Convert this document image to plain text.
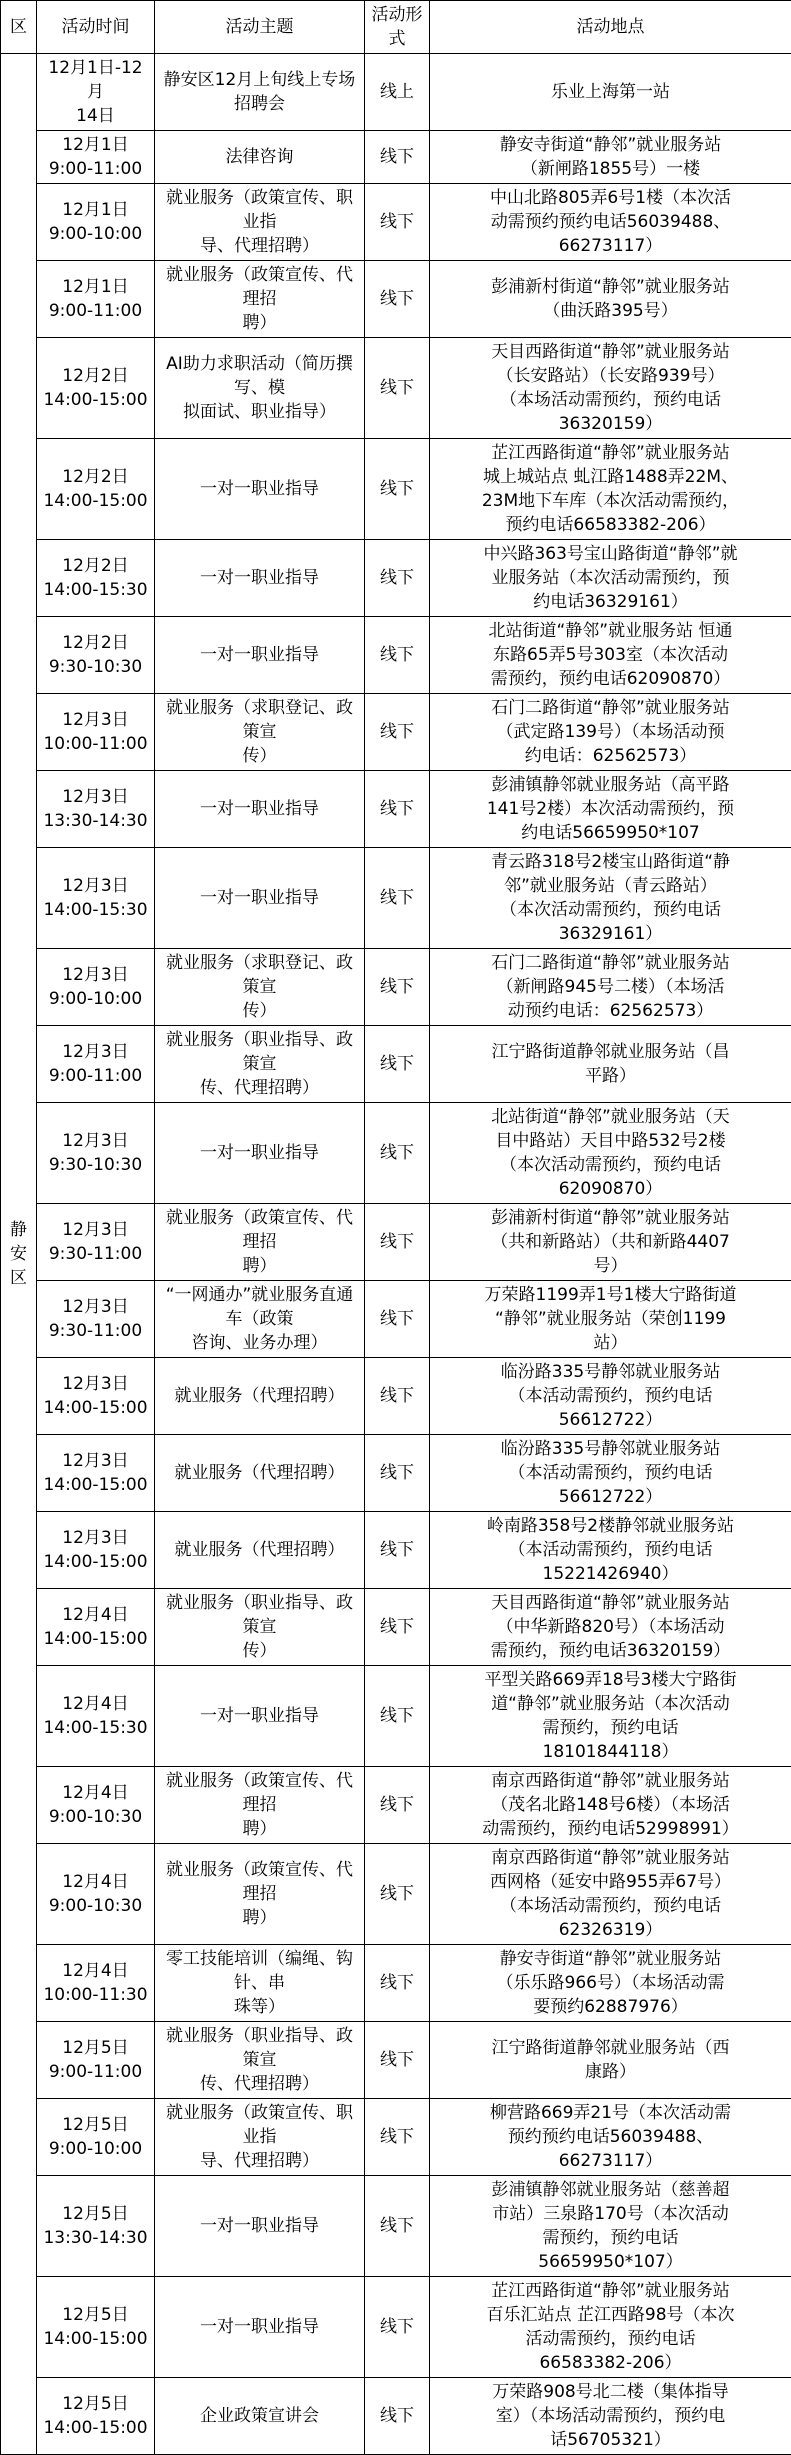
区	活动时间	活动主题	活动形式	活动地点
静安区	12月1日-12月
14日	静安区12月上旬线上专场招聘会	线上	乐业上海第一站
	12月1日
9:00-11:00	法律咨询	线下	静安寺街道“静邻”就业服务站
（新闸路1855号）一楼
	12月1日
9:00-10:00	就业服务（政策宣传、职业指
导、代理招聘）	线下	中山北路805弄6号1楼（本次活
动需预约预约电话56039488、
66273117）
	12月1日
9:00-11:00	就业服务（政策宣传、代理招
聘）	线下	彭浦新村街道“静邻”就业服务站
（曲沃路395号）
	12月2日
14:00-15:00	AI助力求职活动（简历撰写、模
拟面试、职业指导）	线下	天目西路街道“静邻”就业服务站
（长安路站）（长安路939号）
（本场活动需预约，预约电话
36320159）
	12月2日
14:00-15:00	一对一职业指导	线下	芷江西路街道“静邻”就业服务站
城上城站点 虬江路1488弄22M、
23M地下车库（本次活动需预约，
预约电话66583382-206）
	12月2日
14:00-15:30	一对一职业指导	线下	中兴路363号宝山路街道“静邻”就
业服务站（本次活动需预约，预
约电话36329161）
	12月2日
9:30-10:30	一对一职业指导	线下	北站街道“静邻”就业服务站 恒通
东路65弄5号303室（本次活动
需预约，预约电话62090870）
	12月3日
10:00-11:00	就业服务（求职登记、政策宣
传）	线下	石门二路街道“静邻”就业服务站
（武定路139号）（本场活动预
约电话：62562573）
	12月3日
13:30-14:30	一对一职业指导	线下	彭浦镇静邻就业服务站（高平路
141号2楼）本次活动需预约，预
约电话56659950*107
	12月3日
14:00-15:30	一对一职业指导	线下	青云路318号2楼宝山路街道“静
邻”就业服务站（青云路站）
（本次活动需预约，预约电话
36329161）
	12月3日
9:00-10:00	就业服务（求职登记、政策宣
传）	线下	石门二路街道“静邻”就业服务站
（新闸路945号二楼）（本场活
动预约电话：62562573）
	12月3日
9:00-11:00	就业服务（职业指导、政策宣
传、代理招聘）	线下	江宁路街道静邻就业服务站（昌
平路）
	12月3日
9:30-10:30	一对一职业指导	线下	北站街道“静邻”就业服务站（天
目中路站）天目中路532号2楼
（本次活动需预约，预约电话
62090870）
	12月3日
9:30-11:00	就业服务（政策宣传、代理招
聘）	线下	彭浦新村街道“静邻”就业服务站
（共和新路站）（共和新路4407
号）
	12月3日
9:30-11:00	“一网通办”就业服务直通车（政策
咨询、业务办理）	线下	万荣路1199弄1号1楼大宁路街道
“静邻”就业服务站（荣创1199
站）
	12月3日
14:00-15:00	就业服务（代理招聘）	线下	临汾路335号静邻就业服务站
（本活动需预约，预约电话
56612722）
	12月3日
14:00-15:00	就业服务（代理招聘）	线下	临汾路335号静邻就业服务站
（本活动需预约，预约电话
56612722）
	12月3日
14:00-15:00	就业服务（代理招聘）	线下	岭南路358号2楼静邻就业服务站
（本活动需预约，预约电话
15221426940）
	12月4日
14:00-15:00	就业服务（职业指导、政策宣
传）	线下	天目西路街道“静邻”就业服务站
（中华新路820号）（本场活动
需预约，预约电话36320159）
	12月4日
14:00-15:30	一对一职业指导	线下	平型关路669弄18号3楼大宁路街
道“静邻”就业服务站（本次活动
需预约，预约电话
18101844118）
	12月4日
9:00-10:30	就业服务（政策宣传、代理招
聘）	线下	南京西路街道“静邻”就业服务站
（茂名北路148号6楼）（本场活
动需预约，预约电话52998991）
	12月4日
9:00-10:30	就业服务（政策宣传、代理招
聘）	线下	南京西路街道“静邻”就业服务站
西网格（延安中路955弄67号）
（本场活动需预约，预约电话
62326319）
	12月4日
10:00-11:30	零工技能培训（编绳、钩针、串
珠等）	线下	静安寺街道“静邻”就业服务站
（乐乐路966号）（本场活动需
要预约62887976）
	12月5日
9:00-11:00	就业服务（职业指导、政策宣
传、代理招聘）	线下	江宁路街道静邻就业服务站（西
康路）
	12月5日
9:00-10:00	就业服务（政策宣传、职业指
导、代理招聘）	线下	柳营路669弄21号（本次活动需
预约预约电话56039488、
66273117）
	12月5日
13:30-14:30	一对一职业指导	线下	彭浦镇静邻就业服务站（慈善超
市站）三泉路170号（本次活动
需预约，预约电话
56659950*107）
	12月5日
14:00-15:00	一对一职业指导	线下	芷江西路街道“静邻”就业服务站
百乐汇站点 芷江西路98号（本次
活动需预约，预约电话
66583382-206）
	12月5日
14:00-15:00	企业政策宣讲会	线下	万荣路908号北二楼（集体指导
室）（本场活动需预约，预约电
话56705321）
